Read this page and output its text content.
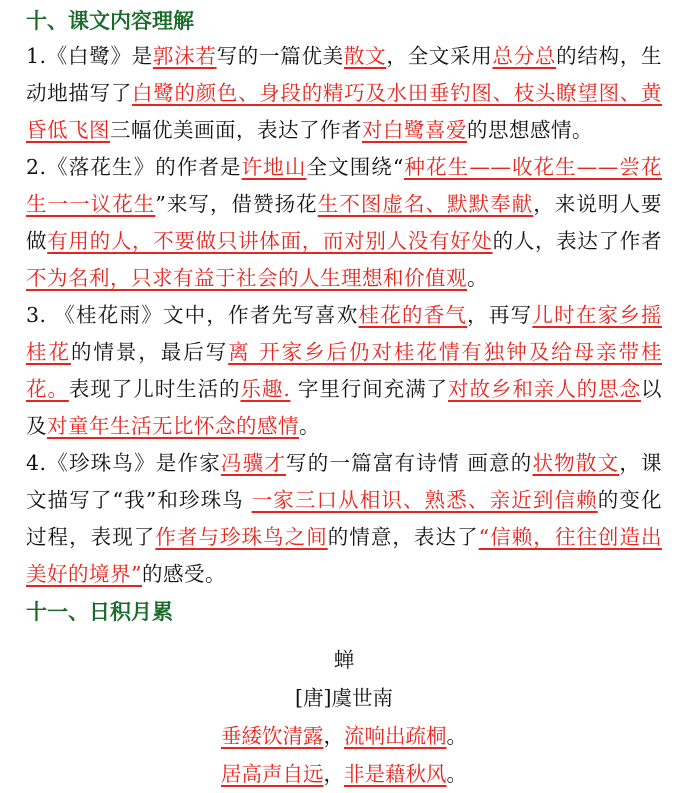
十、课文内容理解

1.《白鹭》是郭沫若写的一篇优美散文，全文采用总分总的结构，生动地描写了白鹭的颜色、身段的精巧及水田垂钓图、枝头瞭望图、黄昏低飞图三幅优美画面，表达了作者对白鹭喜爱的思想感情。

2.《落花生》的作者是许地山全文围绕“种花生——收花生——尝花生一一议花生”来写，借赞扬花生不图虚名、默默奉献，来说明人要做有用的人，不要做只讲体面，而对别人没有好处的人，表达了作者不为名利，只求有益于社会的人生理想和价值观。

3. 《桂花雨》文中，作者先写喜欢桂花的香气，再写儿时在家乡摇桂花的情景，最后写离 开家乡后仍对桂花情有独钟及给母亲带桂花。表现了儿时生活的乐趣. 字里行间充满了对故乡和亲人的思念以及对童年生活无比怀念的感情。

4.《珍珠鸟》是作家冯骥才写的一篇富有诗情 画意的状物散文，课文描写了“我”和珍珠鸟 一家三口从相识、熟悉、亲近到信赖的变化过程，表现了作者与珍珠鸟之间的情意，表达了“信赖，往往创造出美好的境界”的感受。

十一、日积月累

蝉

[唐]虞世南

垂緌饮清露，流响出疏桐。

居高声自远，非是藉秋风。
